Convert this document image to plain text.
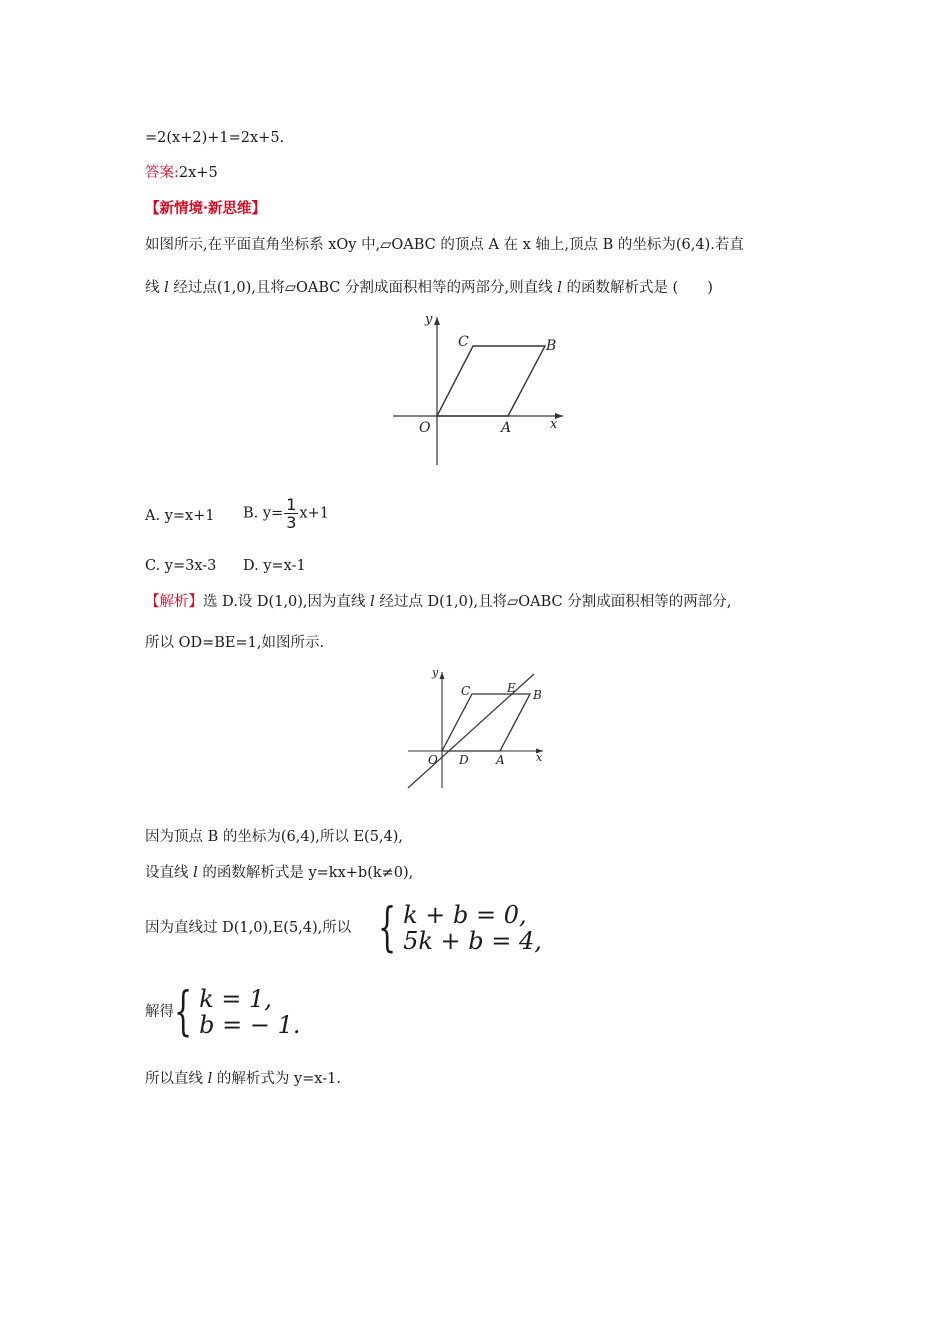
=2(x+2)+1=2x+5.
答案:2x+5
【新情境·新思维】
如图所示,在平面直角坐标系 xOy 中,▱OABC 的顶点 A 在 x 轴上,顶点 B 的坐标为(6,4).若直
线 l 经过点(1,0),且将▱OABC 分割成面积相等的两部分,则直线 l 的函数解析式是 (　　)
y
x
O	A
B
C
A. y=x+1 B. $y= \frac{1}{3} x+1$
C. y=3x-3 D. y=x-1
【解析】选 D.设 D(1,0),因为直线 l 经过点 D(1,0),且将▱OABC 分割成面积相等的两部分,
所以 OD=BE=1,如图所示.
y
x
O D A
B
C	E
因为顶点 B 的坐标为(6,4),所以 E(5,4),
设直线 l 的函数解析式是 y=kx+b(k≠0),
因为直线过 D(1,0),E(5,4),所以 { k + b = 0,
5k + b = 4,
解得 { k = 1,
b = − 1.
所以直线 l 的解析式为 y=x-1.
